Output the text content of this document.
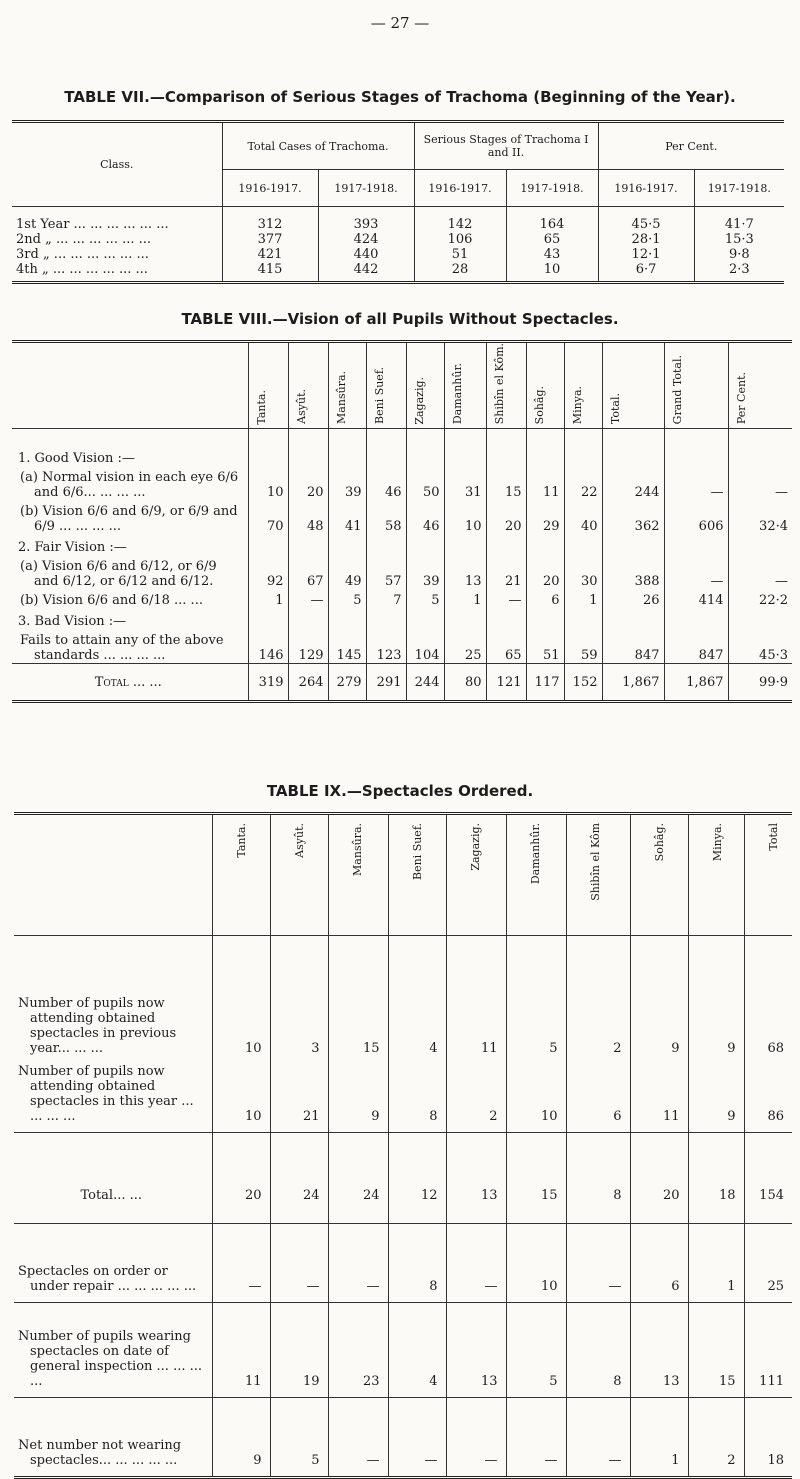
— 27 —
TABLE VII.—Comparison of Serious Stages of Trachoma (Beginning of the Year).
Class.	Total Cases of Trachoma.		Serious Stages of Trachoma I and II.		Per Cent.	
	1916-1917.	1917-1918.	1916-1917.	1917-1918.	1916-1917.	1917-1918.
1st Year ... ... ... ... ... ...	312	393	142	164	45·5	41·7
2nd „ ... ... ... ... ... ...	377	424	106	65	28·1	15·3
3rd „ ... ... ... ... ... ...	421	440	51	43	12·1	9·8
4th „ ... ... ... ... ... ...	415	442	28	10	6·7	2·3
TABLE VIII.—Vision of all Pupils Without Spectacles.
	Tanta.	Asyût.	Mansûra.	Beni Suef.	Zagazig.	Damanhûr.	Shibîn el Kôm.	Sohâg.	Minya.	Total.	Grand Total.	Per Cent.
1. Good Vision :—												
(a) Normal vision in each eye 6/6 and 6/6... ... ... ...	10	20	39	46	50	31	15	11	22	244	—	—
(b) Vision 6/6 and 6/9, or 6/9 and 6/9 ... ... ... ...	70	48	41	58	46	10	20	29	40	362	606	32·4
2. Fair Vision :—												
(a) Vision 6/6 and 6/12, or 6/9 and 6/12, or 6/12 and 6/12.	92	67	49	57	39	13	21	20	30	388	—	—
(b) Vision 6/6 and 6/18 ... ...	1	—	5	7	5	1	—	6	1	26	414	22·2
3. Bad Vision :—												
Fails to attain any of the above standards ... ... ... ...	146	129	145	123	104	25	65	51	59	847	847	45·3
Total ... ...	319	264	279	291	244	80	121	117	152	1,867	1,867	99·9
TABLE IX.—Spectacles Ordered.
	Tanta.	Asyût.	Mansûra.	Beni Suef.	Zagazig.	Damanhûr.	Shibîn el Kôm	Sohâg.	Minya.	Total
Number of pupils now attending obtained spectacles in previous year... ... ...	10	3	15	4	11	5	2	9	9	68
Number of pupils now attending obtained spectacles in this year ... ... ... ...	10	21	9	8	2	10	6	11	9	86
Total... ...	20	24	24	12	13	15	8	20	18	154
Spectacles on order or under repair ... ... ... ... ...	—	—	—	8	—	10	—	6	1	25
Number of pupils wearing spectacles on date of general inspection ... ... ... ...	11	19	23	4	13	5	8	13	15	111
Net number not wearing spectacles... ... ... ... ...	9	5	—	—	—	—	—	1	2	18
